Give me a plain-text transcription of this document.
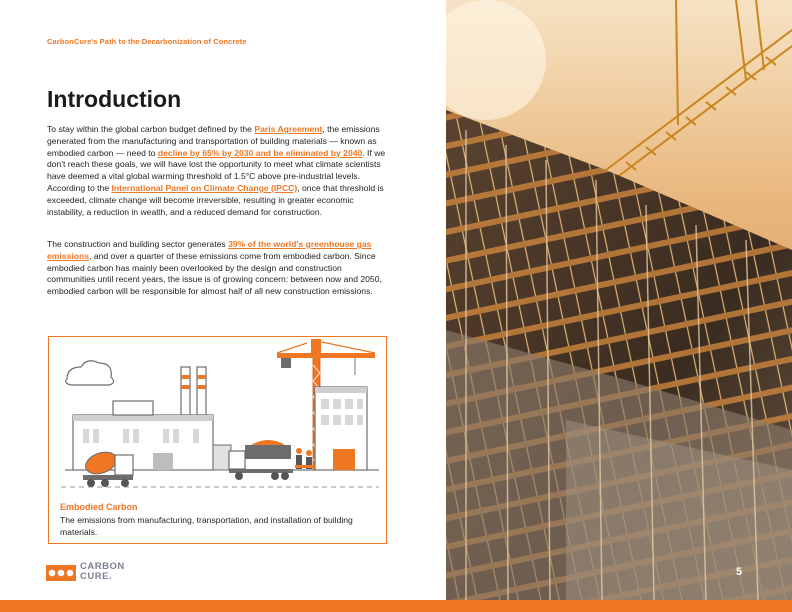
CarbonCure's Path to the Decarbonization of Concrete
Introduction

To stay within the global carbon budget defined by the Paris Agreement, the emissions generated from the manufacturing and transportation of building materials — known as embodied carbon — need to decline by 65% by 2030 and be eliminated by 2040. If we don't reach these goals, we will have lost the opportunity to meet what climate scientists have deemed a vital global warming threshold of 1.5°C above pre-industrial levels. According to the International Panel on Climate Change (IPCC), once that threshold is exceeded, climate change will become irreversible, resulting in greater economic instability, a reduction in wealth, and a reduced demand for construction.

The construction and building sector generates 39% of the world's greenhouse gas emissions, and over a quarter of these emissions come from embodied carbon. Since embodied carbon has mainly been overlooked by the design and construction communities until recent years, the issue is of growing concern: between now and 2050, embodied carbon will be responsible for almost half of all new construction emissions.

Embodied Carbon
The emissions from manufacturing, transportation, and installation of building materials.
CARBON
CURE.	5
